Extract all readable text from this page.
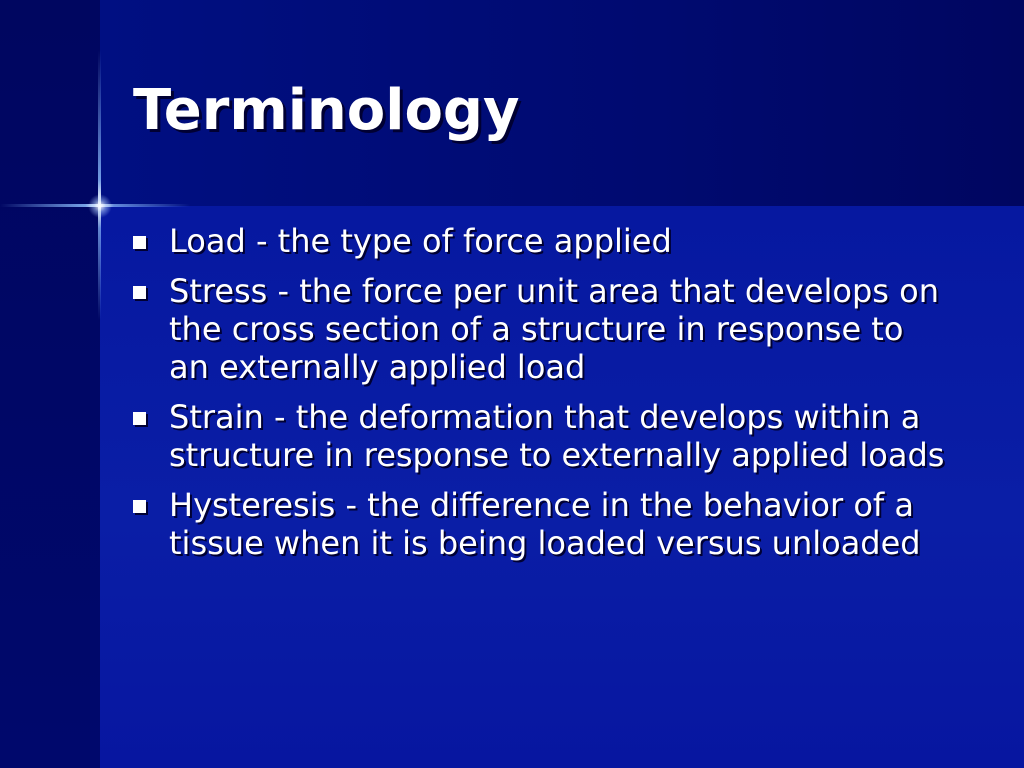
Terminology
Load - the type of force applied
Stress - the force per unit area that develops on the cross section of a structure in response to an externally applied load
Strain - the deformation that develops within a structure in response to externally applied loads
Hysteresis - the difference in the behavior of a tissue when it is being loaded versus unloaded
